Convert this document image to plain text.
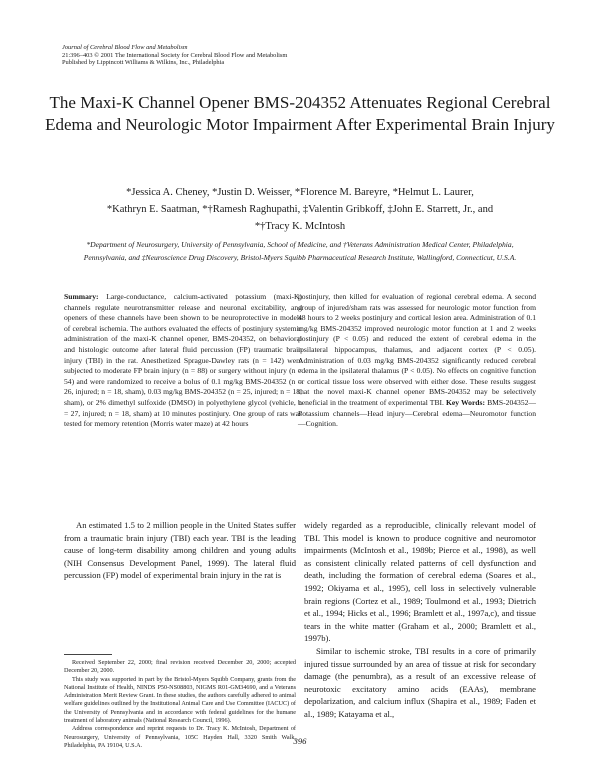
Journal of Cerebral Blood Flow and Metabolism
21:396–403 © 2001 The International Society for Cerebral Blood Flow and Metabolism
Published by Lippincott Williams & Wilkins, Inc., Philadelphia
The Maxi-K Channel Opener BMS-204352 Attenuates Regional Cerebral Edema and Neurologic Motor Impairment After Experimental Brain Injury
*Jessica A. Cheney, *Justin D. Weisser, *Florence M. Bareyre, *Helmut L. Laurer,
*Kathryn E. Saatman, *†Ramesh Raghupathi, ‡Valentin Gribkoff, ‡John E. Starrett, Jr., and
*†Tracy K. McIntosh
*Department of Neurosurgery, University of Pennsylvania, School of Medicine, and †Veterans Administration Medical Center, Philadelphia, Pennsylvania, and ‡Neuroscience Drug Discovery, Bristol-Myers Squibb Pharmaceutical Research Institute, Wallingford, Connecticut, U.S.A.
Summary: Large-conductance, calcium-activated potassium (maxi-K) channels regulate neurotransmitter release and neuronal excitability, and openers of these channels have been shown to be neuroprotective in models of cerebral ischemia. The authors evaluated the effects of postinjury systemic administration of the maxi-K channel opener, BMS-204352, on behavioral and histologic outcome after lateral fluid percussion (FP) traumatic brain injury (TBI) in the rat. Anesthetized Sprague-Dawley rats (n = 142) were subjected to moderate FP brain injury (n = 88) or surgery without injury (n = 54) and were randomized to receive a bolus of 0.1 mg/kg BMS-204352 (n = 26, injured; n = 18, sham), 0.03 mg/kg BMS-204352 (n = 25, injured; n = 18, sham), or 2% dimethyl sulfoxide (DMSO) in polyethylene glycol (vehicle, n = 27, injured; n = 18, sham) at 10 minutes postinjury. One group of rats was tested for memory retention (Morris water maze) at 42 hours
postinjury, then killed for evaluation of regional cerebral edema. A second group of injured/sham rats was assessed for neurologic motor function from 48 hours to 2 weeks postinjury and cortical lesion area. Administration of 0.1 mg/kg BMS-204352 improved neurologic motor function at 1 and 2 weeks postinjury (P < 0.05) and reduced the extent of cerebral edema in the ipsilateral hippocampus, thalamus, and adjacent cortex (P < 0.05). Administration of 0.03 mg/kg BMS-204352 significantly reduced cerebral edema in the ipsilateral thalamus (P < 0.05). No effects on cognitive function or cortical tissue loss were observed with either dose. These results suggest that the novel maxi-K channel opener BMS-204352 may be selectively beneficial in the treatment of experimental TBI. Key Words: BMS-204352—Potassium channels—Head injury—Cerebral edema—Neuromotor function—Cognition.

An estimated 1.5 to 2 million people in the United States suffer from a traumatic brain injury (TBI) each year. TBI is the leading cause of long-term disability among children and young adults (NIH Consensus Development Panel, 1999). The lateral fluid percussion (FP) model of experimental brain injury in the rat is

widely regarded as a reproducible, clinically relevant model of TBI. This model is known to produce cognitive and neuromotor impairments (McIntosh et al., 1989b; Pierce et al., 1998), as well as consistent clinically related patterns of cell dysfunction and death, including the formation of cerebral edema (Soares et al., 1992; Okiyama et al., 1995), cell loss in selectively vulnerable brain regions (Cortez et al., 1989; Toulmond et al., 1993; Dietrich et al., 1994; Hicks et al., 1996; Bramlett et al., 1997a,c), and tissue tears in the white matter (Graham et al., 2000; Bramlett et al., 1997b).

Similar to ischemic stroke, TBI results in a core of primarily injured tissue surrounded by an area of tissue at risk for secondary damage (the penumbra), as a result of an excessive release of neurotoxic excitatory amino acids (EAAs), membrane depolarization, and calcium influx (Shapira et al., 1989; Faden et al., 1989; Katayama et al.,

Received September 22, 2000; final revision received December 20, 2000; accepted December 20, 2000.

This study was supported in part by the Bristol-Myers Squibb Company, grants from the National Institute of Health, NINDS P50-NS08803, NIGMS R01-GM34690, and a Veterans Administration Merit Review Grant. In these studies, the authors carefully adhered to animal welfare guidelines outlined by the Institutional Animal Care and Use Committee (IACUC) of the University of Pennsylvania and in accordance with federal guidelines for the humane treatment of laboratory animals (National Research Council, 1996).

Address correspondence and reprint requests to Dr. Tracy K. McIntosh, Department of Neurosurgery, University of Pennsylvania, 105C Hayden Hall, 3320 Smith Walk, Philadelphia, PA 19104, U.S.A.	396
